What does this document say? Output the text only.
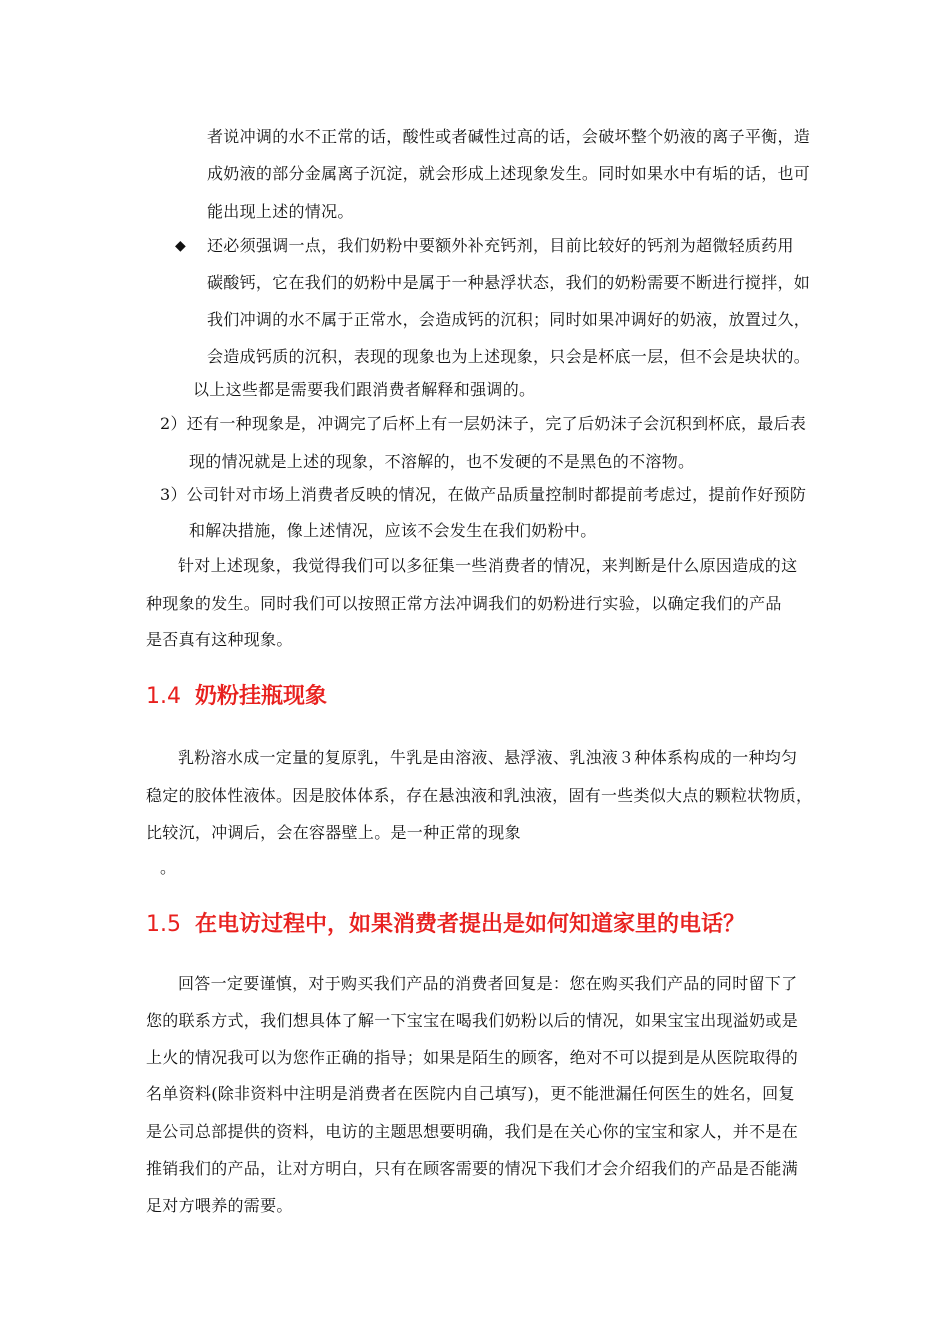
者说冲调的水不正常的话，酸性或者碱性过高的话，会破坏整个奶液的离子平衡，造
成奶液的部分金属离子沉淀，就会形成上述现象发生。同时如果水中有垢的话，也可
能出现上述的情况。
◆ 还必须强调一点，我们奶粉中要额外补充钙剂，目前比较好的钙剂为超微轻质药用
碳酸钙，它在我们的奶粉中是属于一种悬浮状态，我们的奶粉需要不断进行搅拌，如
我们冲调的水不属于正常水，会造成钙的沉积；同时如果冲调好的奶液，放置过久，
会造成钙质的沉积，表现的现象也为上述现象，只会是杯底一层，但不会是块状的。
以上这些都是需要我们跟消费者解释和强调的。
2）还有一种现象是，冲调完了后杯上有一层奶沫子，完了后奶沫子会沉积到杯底，最后表
现的情况就是上述的现象，不溶解的，也不发硬的不是黑色的不溶物。
3）公司针对市场上消费者反映的情况，在做产品质量控制时都提前考虑过，提前作好预防
和解决措施，像上述情况，应该不会发生在我们奶粉中。
针对上述现象，我觉得我们可以多征集一些消费者的情况，来判断是什么原因造成的这
种现象的发生。同时我们可以按照正常方法冲调我们的奶粉进行实验，以确定我们的产品
是否真有这种现象。
1.4 奶粉挂瓶现象
乳粉溶水成一定量的复原乳，牛乳是由溶液、悬浮液、乳浊液３种体系构成的一种均匀
稳定的胶体性液体。因是胶体体系，存在悬浊液和乳浊液，固有一些类似大点的颗粒状物质，
比较沉，冲调后，会在容器壁上。是一种正常的现象
。
1.5 在电访过程中，如果消费者提出是如何知道家里的电话？
回答一定要谨慎，对于购买我们产品的消费者回复是：您在购买我们产品的同时留下了
您的联系方式，我们想具体了解一下宝宝在喝我们奶粉以后的情况，如果宝宝出现溢奶或是
上火的情况我可以为您作正确的指导；如果是陌生的顾客，绝对不可以提到是从医院取得的
名单资料(除非资料中注明是消费者在医院内自己填写)，更不能泄漏任何医生的姓名，回复
是公司总部提供的资料，电访的主题思想要明确，我们是在关心你的宝宝和家人，并不是在
推销我们的产品，让对方明白，只有在顾客需要的情况下我们才会介绍我们的产品是否能满
足对方喂养的需要。
